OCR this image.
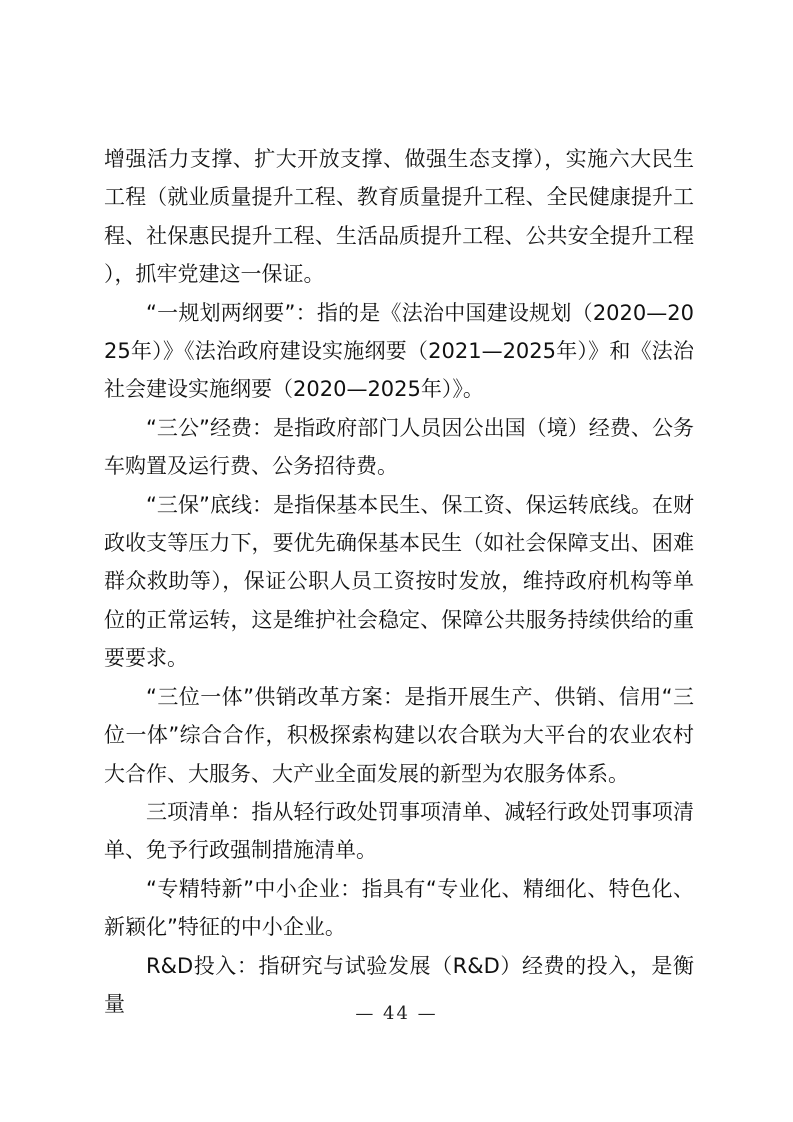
增强活力支撑、扩大开放支撑、做强生态支撑），实施六大民生工程（就业质量提升工程、教育质量提升工程、全民健康提升工程、社保惠民提升工程、生活品质提升工程、公共安全提升工程 ），抓牢党建这一保证。

“一规划两纲要”：指的是《法治中国建设规划（2020—2025年）》《法治政府建设实施纲要（2021—2025年）》和《法治社会建设实施纲要（2020—2025年）》。

“三公”经费：是指政府部门人员因公出国（境）经费、公务车购置及运行费、公务招待费。

“三保”底线：是指保基本民生、保工资、保运转底线。在财政收支等压力下，要优先确保基本民生（如社会保障支出、困难群众救助等），保证公职人员工资按时发放，维持政府机构等单位的正常运转，这是维护社会稳定、保障公共服务持续供给的重要要求。

“三位一体”供销改革方案：是指开展生产、供销、信用“三位一体”综合合作，积极探索构建以农合联为大平台的农业农村大合作、大服务、大产业全面发展的新型为农服务体系。

三项清单：指从轻行政处罚事项清单、减轻行政处罚事项清单、免予行政强制措施清单。

“专精特新”中小企业：指具有“专业化、精细化、特色化、新颖化”特征的中小企业。

R&D投入：指研究与试验发展（R&D）经费的投入，是衡量	— 44 —
